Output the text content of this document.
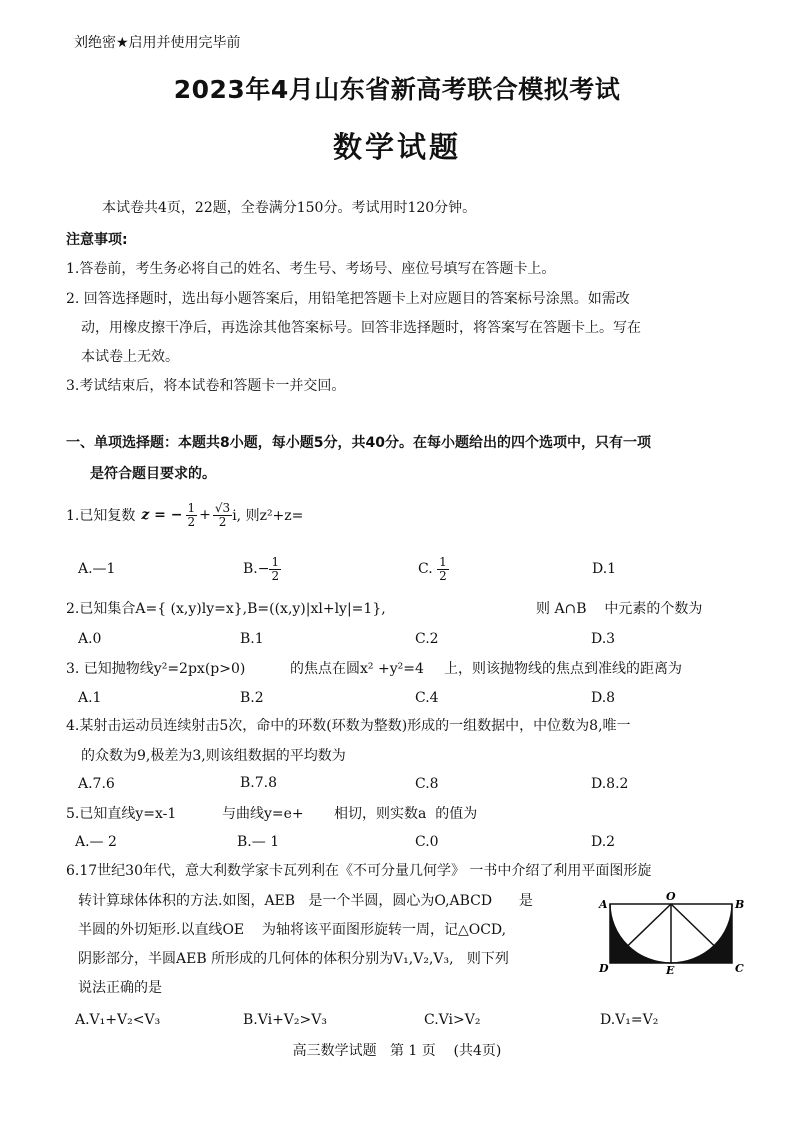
刘绝密★启用并使用完毕前
2023年4月山东省新高考联合模拟考试
数学试题
本试卷共4页，22题，全卷满分150分。考试用时120分钟。
注意事项:
1.答卷前，考生务必将自己的姓名、考生号、考场号、座位号填写在答题卡上。
2. 回答选择题时，选出每小题答案后，用铅笔把答题卡上对应题目的答案标号涂黑。如需改
动，用橡皮擦干净后，再选涂其他答案标号。回答非选择题时，将答案写在答题卡上。写在
本试卷上无效。
3.考试结束后，将本试卷和答题卡一并交回。
一、单项选择题：本题共8小题，每小题5分，共40分。在每小题给出的四个选项中，只有一项
是符合题目要求的。
1.已知复数 z = − $\frac{1}{2} + \frac{√3}{2} i$, 则z²+z=
A.—1	$B.- \frac{1}{2}$	C. $\frac{1}{2}$	D.1
2.已知集合A={ (x,y)ly=x},B=((x,y)|xl+ly|=1},	则 A∩B    中元素的个数为
A.0	B.1	C.2	D.3
3. 已知抛物线y²=2px(p>0)	的焦点在圆x² +y²=4 上，则该抛物线的焦点到准线的距离为
A.1	B.2	C.4	D.8
4.某射击运动员连续射击5次，命中的环数(环数为整数)形成的一组数据中，中位数为8,唯一
的众数为9,极差为3,则该组数据的平均数为
A.7.6	B.7.8	C.8	D.8.2
5.已知直线y=x-1	与曲线y=e+ 相切，则实数a  的值为
A.— 2	B.— 1	C.0	D.2
6.17世纪30年代，意大利数学家卡瓦列利在《不可分量几何学》 一书中介绍了利用平面图形旋
转计算球体体积的方法.如图，AEB   是一个半圆，圆心为O,ABCD      是
半圆的外切矩形.以直线OE    为轴将该平面图形旋转一周，记△OCD,
阴影部分，半圆AEB 所形成的几何体的体积分别为V₁,V₂,V₃,   则下列
说法正确的是
A
O
B
D	E	C
A.V₁+V₂<V₃	B.Vi+V₂>V₃	C.Vi>V₂	D.V₁=V₂
高三数学试题   第 1 页    (共4页)
